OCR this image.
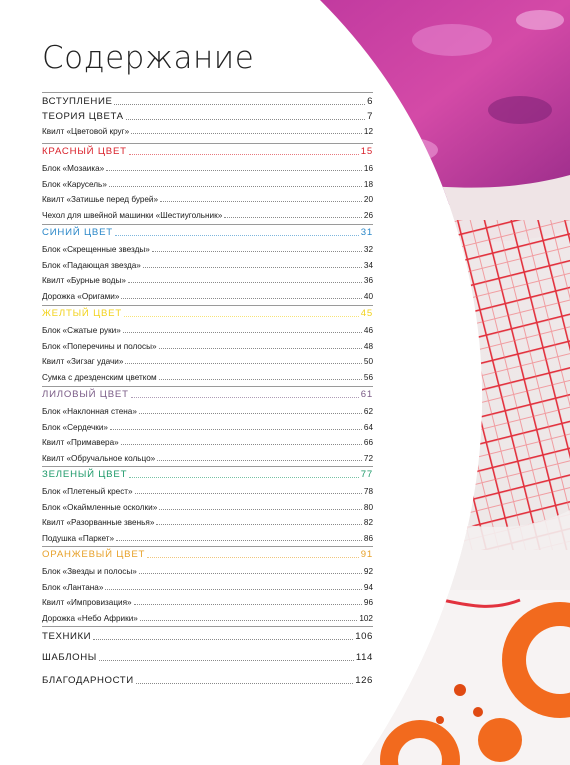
Содержание
ВСТУПЛЕНИЕ	6
ТЕОРИЯ ЦВЕТА	7
Квилт «Цветовой круг»	12
КРАСНЫЙ ЦВЕТ	15
Блок «Мозаика»	16
Блок «Карусель»	18
Квилт «Затишье перед бурей»	20
Чехол для швейной машинки «Шестиугольник»	26
СИНИЙ ЦВЕТ	31
Блок «Скрещенные звезды»	32
Блок «Падающая звезда»	34
Квилт «Бурные воды»	36
Дорожка «Оригами»	40
ЖЕЛТЫЙ ЦВЕТ	45
Блок «Сжатые руки»	46
Блок «Поперечины и полосы»	48
Квилт «Зигзаг удачи»	50
Сумка с дрезденским цветком	56
ЛИЛОВЫЙ ЦВЕТ	61
Блок «Наклонная стена»	62
Блок «Сердечки»	64
Квилт «Примавера»	66
Квилт «Обручальное кольцо»	72
ЗЕЛЕНЫЙ ЦВЕТ	77
Блок «Плетеный крест»	78
Блок «Окаймленные осколки»	80
Квилт «Разорванные звенья»	82
Подушка «Паркет»	86
ОРАНЖЕВЫЙ ЦВЕТ	91
Блок «Звезды и полосы»	92
Блок «Лантана»	94
Квилт «Импровизация»	96
Дорожка «Небо Африки»	102
ТЕХНИКИ	106
ШАБЛОНЫ	114
БЛАГОДАРНОСТИ	126
